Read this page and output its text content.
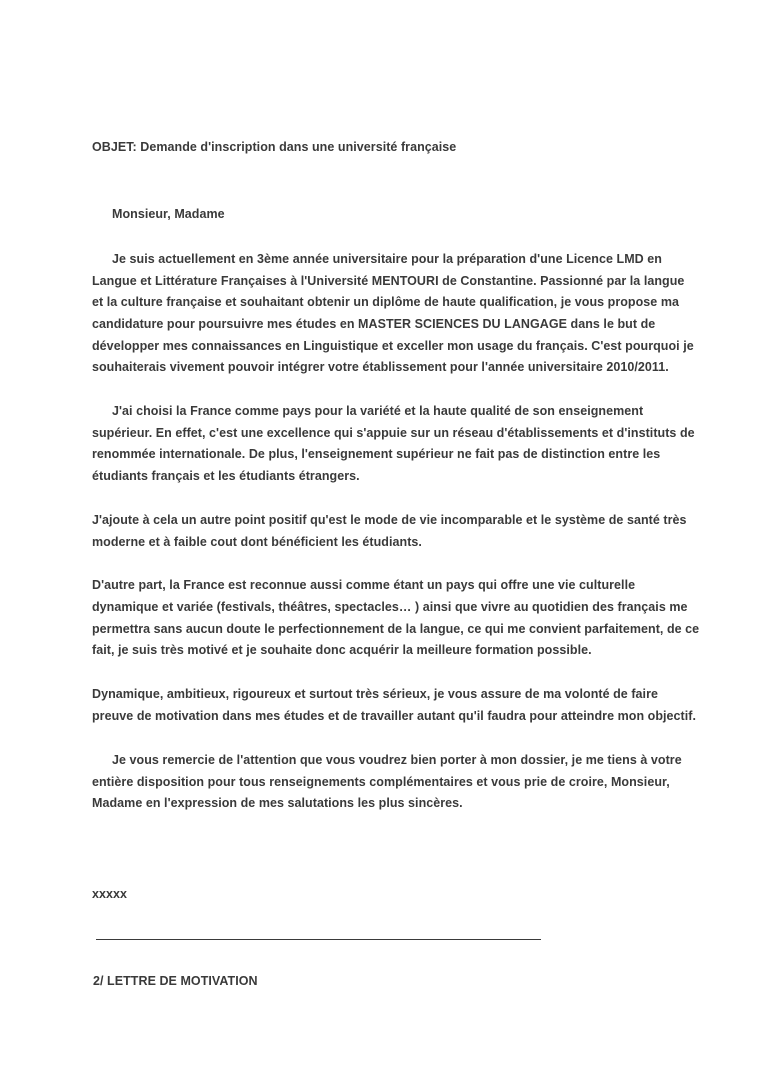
OBJET: Demande d'inscription dans une université française
Monsieur, Madame
Je suis actuellement en 3ème année universitaire pour la préparation d'une Licence LMD en
Langue et Littérature Françaises à l'Université MENTOURI de Constantine. Passionné par la langue
et la culture française et souhaitant obtenir un diplôme de haute qualification, je vous propose ma
candidature pour poursuivre mes études en MASTER SCIENCES DU LANGAGE dans le but de
développer mes connaissances en Linguistique et exceller mon usage du français. C'est pourquoi je
souhaiterais vivement pouvoir intégrer votre établissement pour l'année universitaire 2010/2011.
J'ai choisi la France comme pays pour la variété et la haute qualité de son enseignement
supérieur. En effet, c'est une excellence qui s'appuie sur un réseau d'établissements et d'instituts de
renommée internationale. De plus, l'enseignement supérieur ne fait pas de distinction entre les
étudiants français et les étudiants étrangers.
J'ajoute à cela un autre point positif qu'est le mode de vie incomparable et le système de santé très
moderne et à faible cout dont bénéficient les étudiants.
D'autre part, la France est reconnue aussi comme étant un pays qui offre une vie culturelle
dynamique et variée (festivals, théâtres, spectacles… ) ainsi que vivre au quotidien des français me
permettra sans aucun doute le perfectionnement de la langue, ce qui me convient parfaitement, de ce
fait, je suis très motivé et je souhaite donc acquérir la meilleure formation possible.
Dynamique, ambitieux, rigoureux et surtout très sérieux, je vous assure de ma volonté de faire
preuve de motivation dans mes études et de travailler autant qu'il faudra pour atteindre mon objectif.
Je vous remercie de l'attention que vous voudrez bien porter à mon dossier, je me tiens à votre
entière disposition pour tous renseignements complémentaires et vous prie de croire, Monsieur,
Madame en l'expression de mes salutations les plus sincères.
xxxxx
2/ LETTRE DE MOTIVATION
